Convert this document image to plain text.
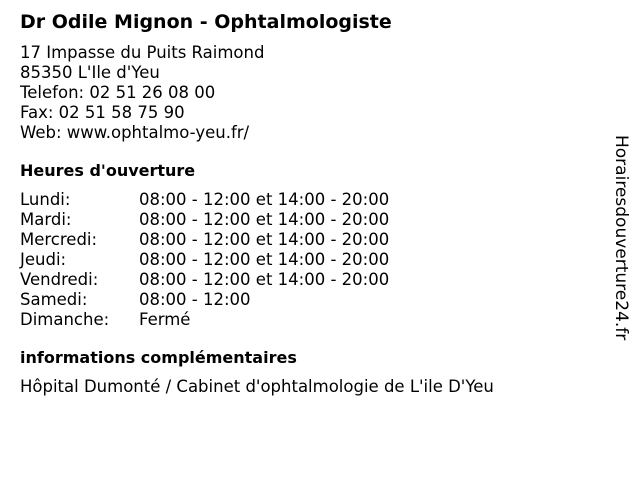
Dr Odile Mignon - Ophtalmologiste
17 Impasse du Puits Raimond
85350 L'Ile d'Yeu
Telefon: 02 51 26 08 00
Fax: 02 51 58 75 90
Web: www.ophtalmo-yeu.fr/
Heures d'ouverture
Lundi:	08:00 - 12:00 et 14:00 - 20:00
Mardi:	08:00 - 12:00 et 14:00 - 20:00
Mercredi:	08:00 - 12:00 et 14:00 - 20:00
Jeudi:	08:00 - 12:00 et 14:00 - 20:00
Vendredi:	08:00 - 12:00 et 14:00 - 20:00
Samedi:	08:00 - 12:00
Dimanche:	Fermé
informations complémentaires
Hôpital Dumonté / Cabinet d'ophtalmologie de L'ile D'Yeu
Horairesdouverture24.fr
